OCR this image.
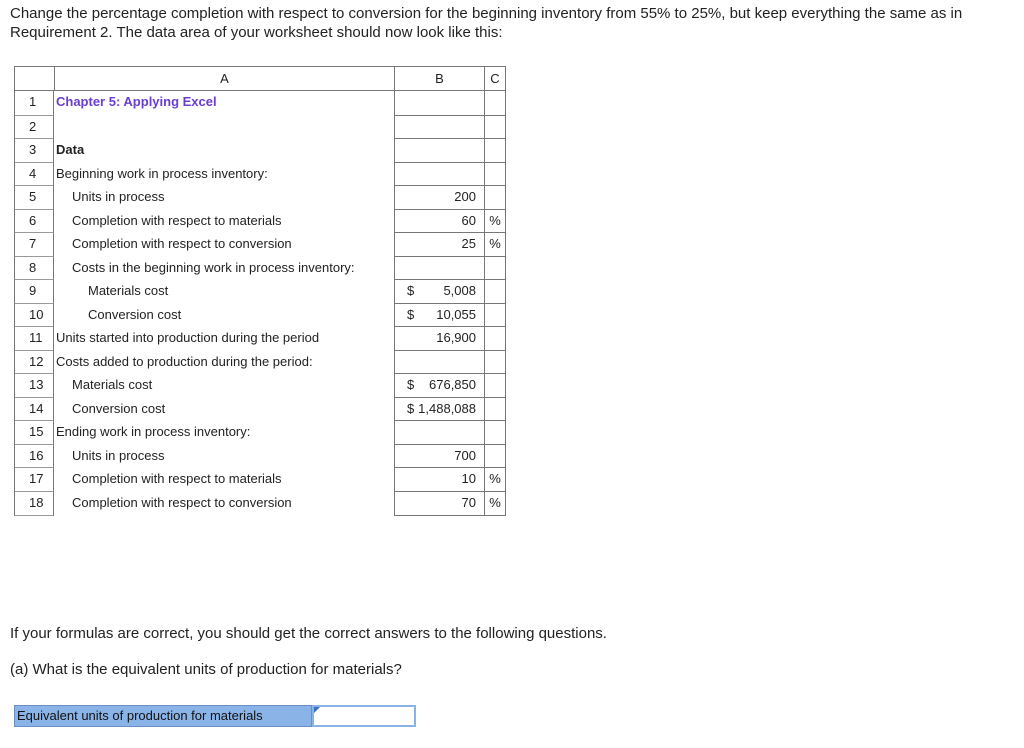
Change the percentage completion with respect to conversion for the beginning inventory from 55% to 25%, but keep everything the same as in Requirement 2. The data area of your worksheet should now look like this:
A	B	C
1	Chapter 5: Applying Excel
2
3	Data
4	Beginning work in process inventory:
5	Units in process	200
6	Completion with respect to materials	60	%
7	Completion with respect to conversion	25	%
8	Costs in the beginning work in process inventory:
9	Materials cost	$ 5,008
10	Conversion cost	$ 10,055
11	Units started into production during the period	16,900
12 Costs added to production during the period:
13	Materials cost	$ 676,850
14	Conversion cost	$ 1,488,088
15 Ending work in process inventory:
16	Units in process	700
17	Completion with respect to materials	10	%
18	Completion with respect to conversion	70	%
If your formulas are correct, you should get the correct answers to the following questions.
(a) What is the equivalent units of production for materials?
Equivalent units of production for materials
